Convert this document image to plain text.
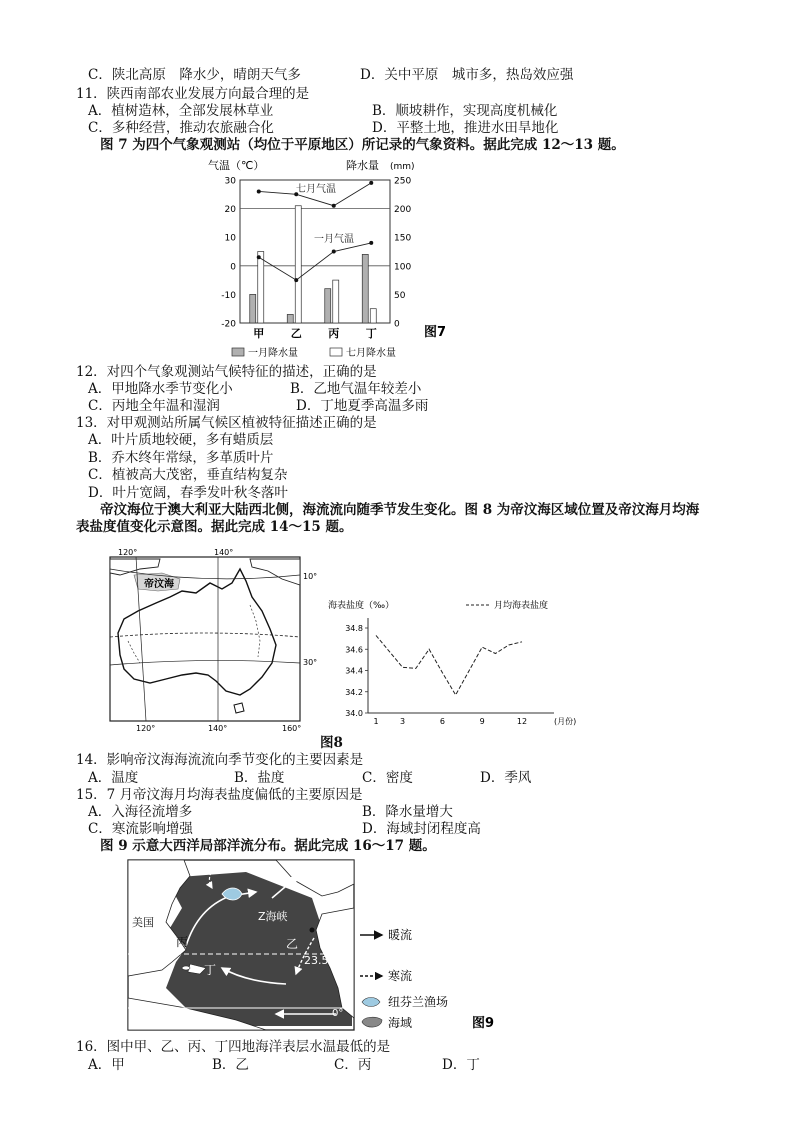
C．陕北高原　降水少，晴朗天气多	D．关中平原　城市多，热岛效应强
11．陕西南部农业发展方向最合理的是
A．植树造林，全部发展林草业	B．顺坡耕作，实现高度机械化
C．多种经营，推动农旅融合化	D．平整土地，推进水田旱地化
图 7 为四个气象观测站（均位于平原地区）所记录的气象资料。据此完成 12～13 题。
气温（℃）	降水量 (mm)
30
20
10
0
-10
-20
250
200
150
100
50
0
甲 乙 丙 丁
七月气温
一月气温
图7
一月降水量	七月降水量
12．对四个气象观测站气候特征的描述，正确的是
A．甲地降水季节变化小	B．乙地气温年较差小
C．丙地全年温和湿润	D．丁地夏季高温多雨
13．对甲观测站所属气候区植被特征描述正确的是
A．叶片质地较硬，多有蜡质层
B．乔木终年常绿，多革质叶片
C．植被高大茂密，垂直结构复杂
D．叶片宽阔，春季发叶秋冬落叶
帝汶海位于澳大利亚大陆西北侧，海流流向随季节发生变化。图 8 为帝汶海区域位置及帝汶海月均海
表盐度值变化示意图。据此完成 14～15 题。
120°	140°
帝汶海
10°
30°
120°	140°	160°
海表盐度（‰）	月均海表盐度
34.8
34.6
34.4
34.2
34.0
1	3	6	9	12	(月份)
图8
14．影响帝汶海海流流向季节变化的主要因素是
A．温度	B．盐度	C．密度	D．季风
15．7 月帝汶海月均海表盐度偏低的主要原因是
A．入海径流增多	B．降水量增大
C．寒流影响增强	D．海域封闭程度高
图 9 示意大西洋局部洋流分布。据此完成 16～17 题。
甲
乙
丙
丁
美国	Z海峡
23.5°N
0°
暖流
寒流
纽芬兰渔场
海域	图9
16．图中甲、乙、丙、丁四地海洋表层水温最低的是
A．甲	B．乙	C．丙	D．丁
